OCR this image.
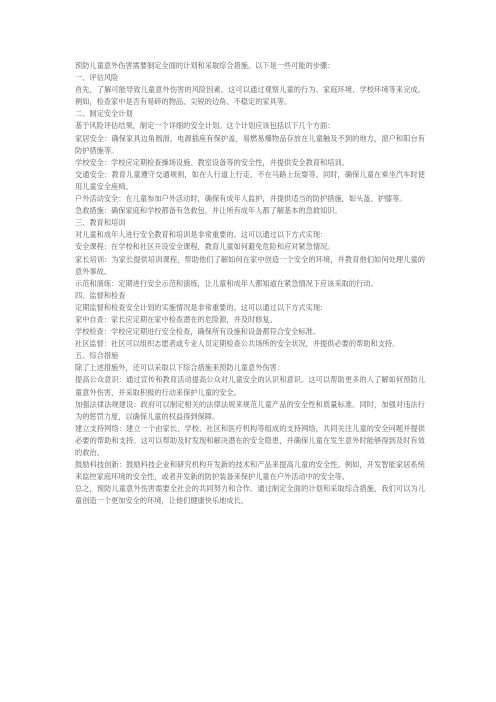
预防儿童意外伤害需要制定全面的计划和采取综合措施。以下是一些可能的步骤：

一、评估风险

首先，了解可能导致儿童意外伤害的风险因素。这可以通过观察儿童的行为、家庭环境、学校环境等来完成。例如，检查家中是否有易碎的物品、尖锐的边角、不稳定的家具等。

二、制定安全计划

基于风险评估结果，制定一个详细的安全计划。这个计划应该包括以下几个方面：

家居安全：确保家具边角圆滑，电源插座有保护盖，易燃易爆物品存放在儿童触及不到的地方，窗户和阳台有防护措施等。

学校安全：学校应定期检查操场设施、教室设备等的安全性，并提供安全教育和培训。

交通安全：教育儿童遵守交通规则，如在人行道上行走、不在马路上玩耍等。同时，确保儿童在乘坐汽车时使用儿童安全座椅。

户外活动安全：在儿童参加户外活动时，确保有成年人监护，并提供适当的防护措施，如头盔、护膝等。

急救措施：确保家庭和学校都备有急救包，并让所有成年人都了解基本的急救知识。

三、教育和培训

对儿童和成年人进行安全教育和培训是非常重要的。这可以通过以下方式实现：

安全课程：在学校和社区开设安全课程，教育儿童如何避免危险和应对紧急情况。

家长培训：为家长提供培训课程，帮助他们了解如何在家中创造一个安全的环境，并教育他们如何处理儿童的意外事故。

示范和演练：定期进行安全示范和演练，让儿童和成年人都知道在紧急情况下应该采取的行动。

四、监督和检查

定期监督和检查安全计划的实施情况是非常重要的。这可以通过以下方式实现：

家中自查：家长应定期在家中检查潜在的危险源，并及时修复。

学校检查：学校应定期进行安全检查，确保所有设施和设备都符合安全标准。

社区监督：社区可以组织志愿者或专业人员定期检查公共场所的安全状况，并提供必要的帮助和支持。

五、综合措施

除了上述措施外，还可以采取以下综合措施来预防儿童意外伤害：

提高公众意识：通过宣传和教育活动提高公众对儿童安全的认识和意识。这可以帮助更多的人了解如何预防儿童意外伤害，并采取积极的行动来保护儿童的安全。

加强法律法规建设：政府可以制定相关的法律法规来规范儿童产品的安全性和质量标准。同时，加强对违法行为的惩罚力度，以确保儿童的权益得到保障。

建立支持网络：建立一个由家长、学校、社区和医疗机构等组成的支持网络，共同关注儿童的安全问题并提供必要的帮助和支持。这可以帮助及时发现和解决潜在的安全隐患，并确保儿童在发生意外时能够得到及时有效的救治。

鼓励科技创新：鼓励科技企业和研究机构开发新的技术和产品来提高儿童的安全性。例如，开发智能家居系统来监控家庭环境的安全性，或者开发新的防护装备来保护儿童在户外活动中的安全等。

总之，预防儿童意外伤害需要全社会的共同努力和合作。通过制定全面的计划和采取综合措施，我们可以为儿童创造一个更加安全的环境，让他们健康快乐地成长。
